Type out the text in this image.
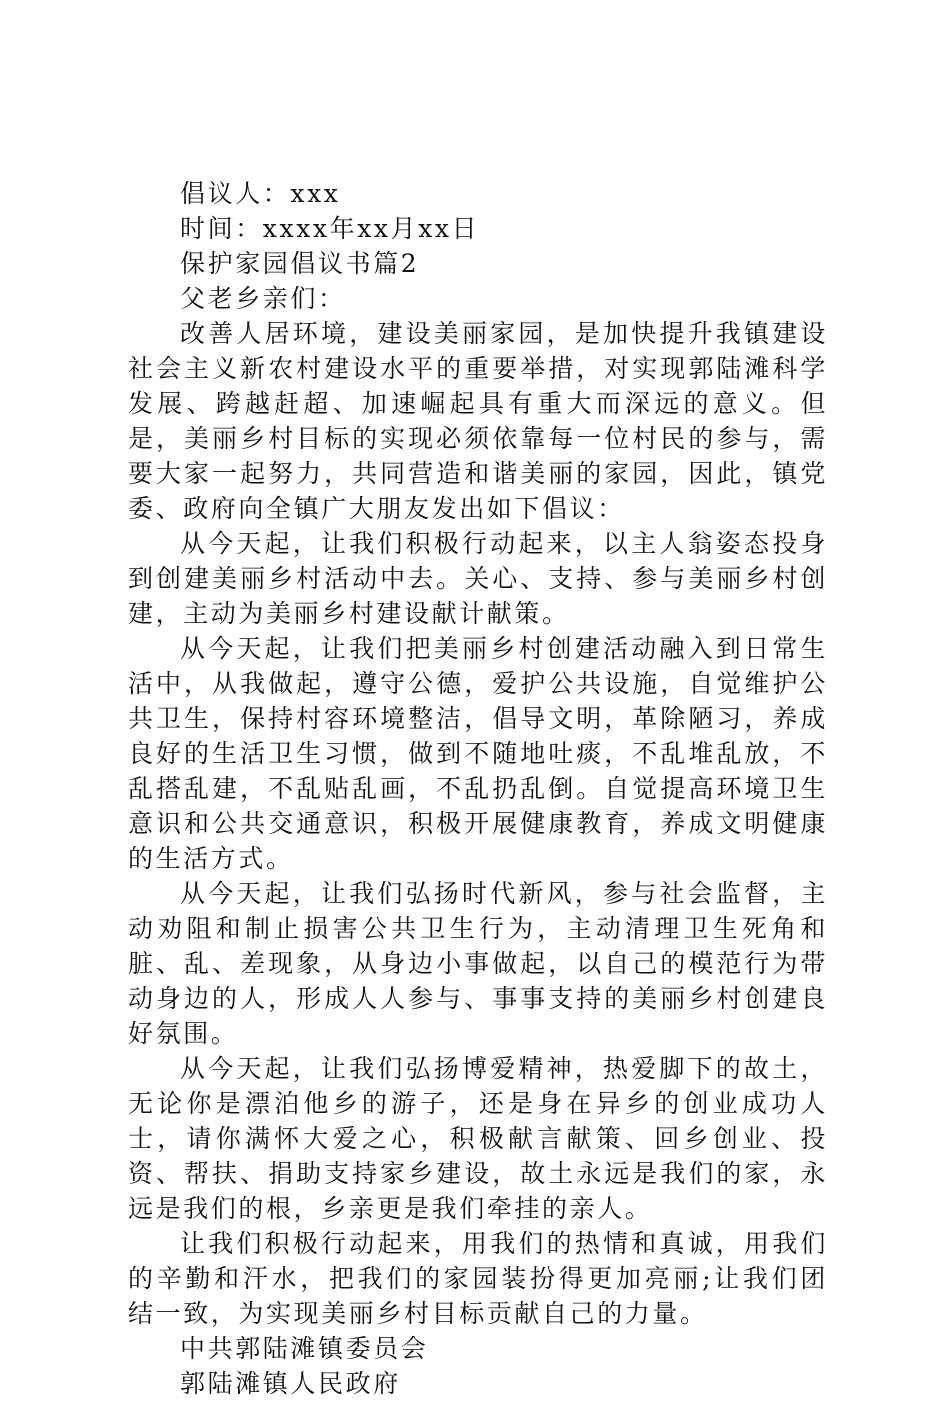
倡议人：xxx

时间：xxxx年xx月xx日

保护家园倡议书篇2

父老乡亲们：

改善人居环境，建设美丽家园，是加快提升我镇建设社会主义新农村建设水平的重要举措，对实现郭陆滩科学发展、跨越赶超、加速崛起具有重大而深远的意义。但是，美丽乡村目标的实现必须依靠每一位村民的参与，需要大家一起努力，共同营造和谐美丽的家园，因此，镇党委、政府向全镇广大朋友发出如下倡议：

从今天起，让我们积极行动起来，以主人翁姿态投身到创建美丽乡村活动中去。关心、支持、参与美丽乡村创建，主动为美丽乡村建设献计献策。

从今天起，让我们把美丽乡村创建活动融入到日常生活中，从我做起，遵守公德，爱护公共设施，自觉维护公共卫生，保持村容环境整洁，倡导文明，革除陋习，养成良好的生活卫生习惯，做到不随地吐痰，不乱堆乱放，不乱搭乱建，不乱贴乱画，不乱扔乱倒。自觉提高环境卫生意识和公共交通意识，积极开展健康教育，养成文明健康的生活方式。

从今天起，让我们弘扬时代新风，参与社会监督，主动劝阻和制止损害公共卫生行为，主动清理卫生死角和脏、乱、差现象，从身边小事做起，以自己的模范行为带动身边的人，形成人人参与、事事支持的美丽乡村创建良好氛围。

从今天起，让我们弘扬博爱精神，热爱脚下的故土，无论你是漂泊他乡的游子，还是身在异乡的创业成功人士，请你满怀大爱之心，积极献言献策、回乡创业、投资、帮扶、捐助支持家乡建设，故土永远是我们的家，永远是我们的根，乡亲更是我们牵挂的亲人。

让我们积极行动起来，用我们的热情和真诚，用我们的辛勤和汗水，把我们的家园装扮得更加亮丽;让我们团结一致，为实现美丽乡村目标贡献自己的力量。

中共郭陆滩镇委员会

郭陆滩镇人民政府
